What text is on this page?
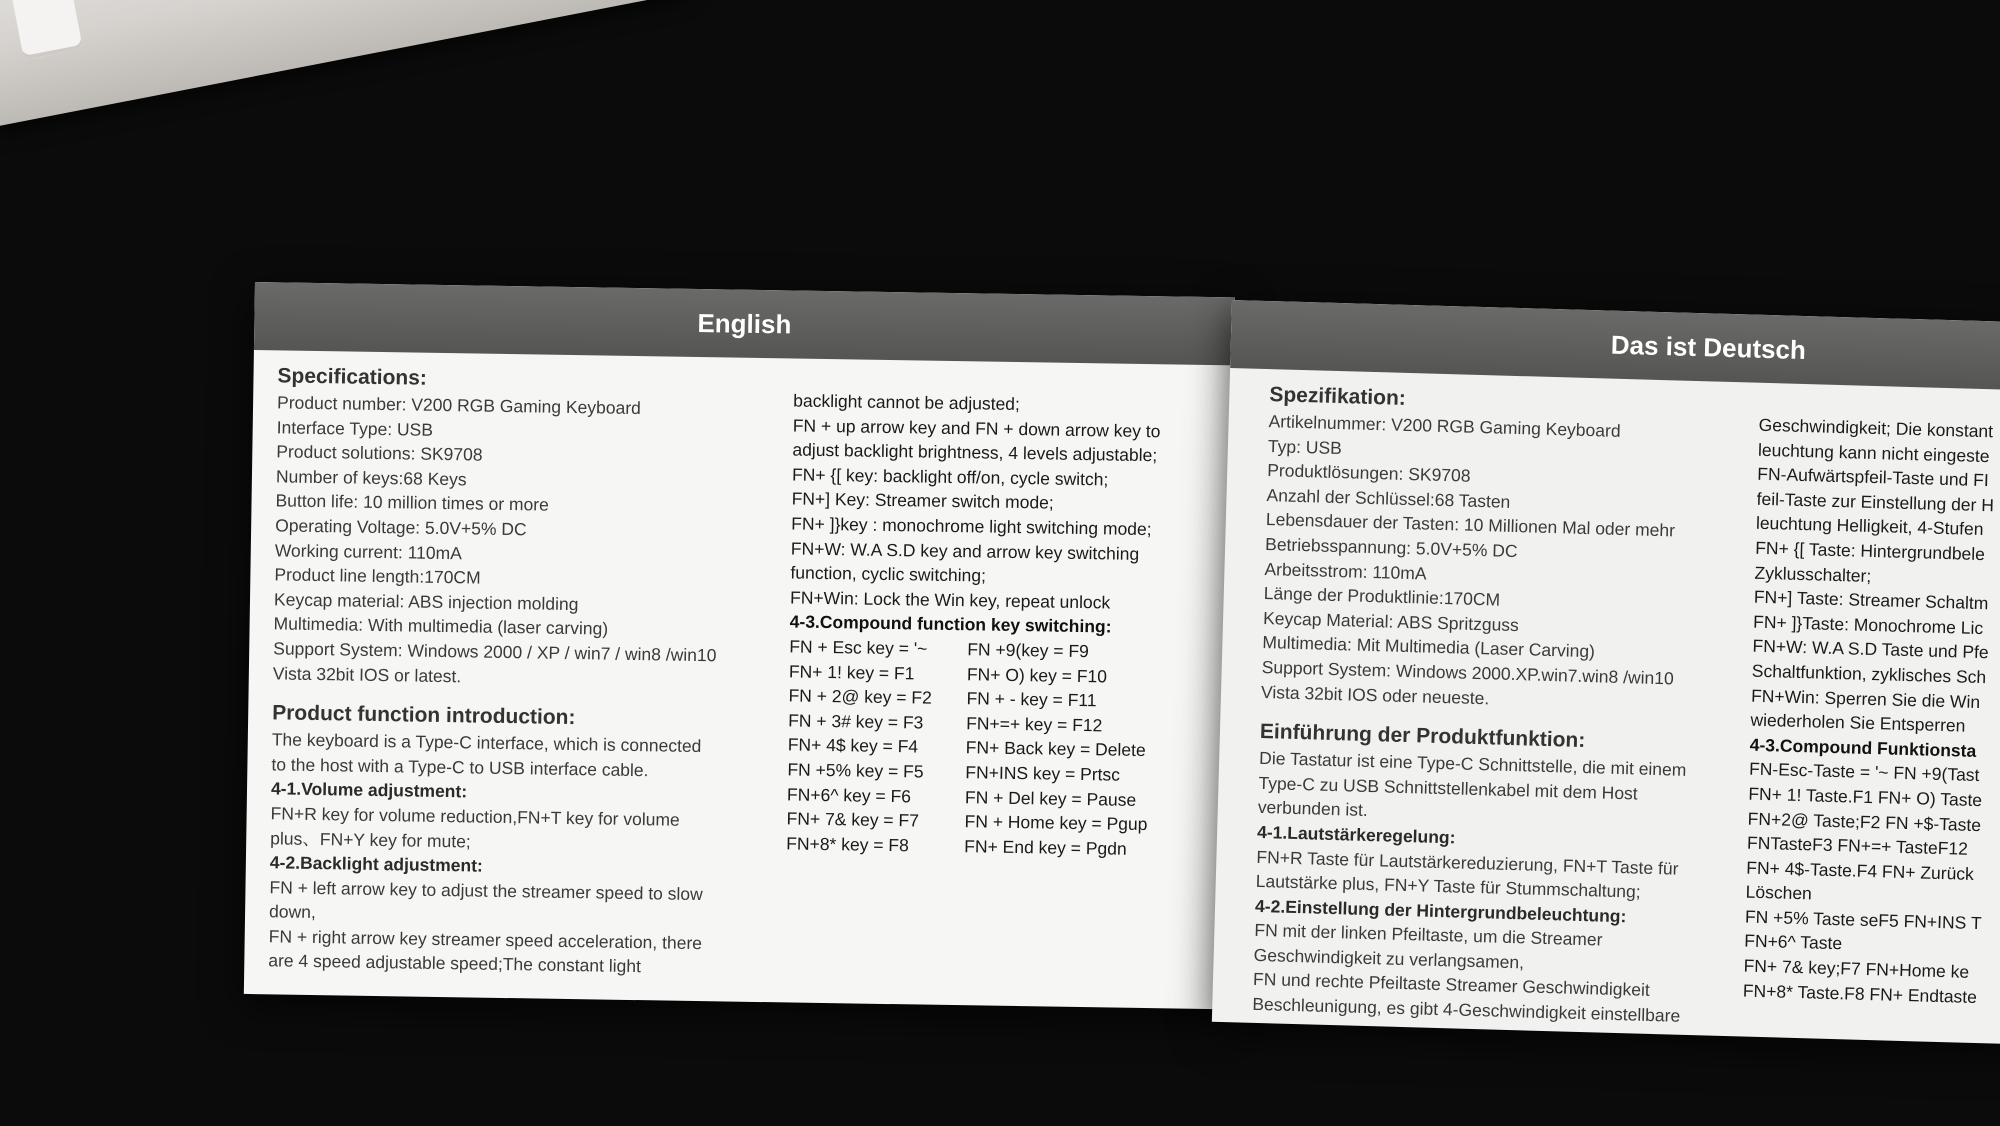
English

Specifications:

Product number: V200 RGB Gaming Keyboard

Interface Type: USB

Product solutions: SK9708

Number of keys:68 Keys

Button life: 10 million times or more

Operating Voltage: 5.0V+5% DC

Working current: 110mA

Product line length:170CM

Keycap material: ABS injection molding

Multimedia: With multimedia (laser carving)

Support System: Windows 2000 / XP / win7 / win8 /win10

Vista 32bit IOS or latest.

Product function introduction:

The keyboard is a Type-C interface, which is connected

to the host with a Type-C to USB interface cable.

4-1.Volume adjustment:

FN+R key for volume reduction,FN+T key for volume

plus、FN+Y key for mute;

4-2.Backlight adjustment:

FN + left arrow key to adjust the streamer speed to slow

down,

FN + right arrow key streamer speed acceleration, there

are 4 speed adjustable speed;The constant light

backlight cannot be adjusted;

FN + up arrow key and FN + down arrow key to

adjust backlight brightness, 4 levels adjustable;

FN+ {[ key: backlight off/on, cycle switch;

FN+] Key: Streamer switch mode;

FN+ ]}key : monochrome light switching mode;

FN+W: W.A S.D key and arrow key switching

function, cyclic switching;

FN+Win: Lock the Win key, repeat unlock

4-3.Compound function key switching:

FN + Esc key = '~	FN +9(key = F9
FN+ 1! key = F1	FN+ O) key = F10
FN + 2@ key = F2	FN + - key = F11
FN + 3# key = F3	FN+=+ key = F12
FN+ 4$ key = F4	FN+ Back key = Delete
FN +5% key = F5	FN+INS key = Prtsc
FN+6^ key = F6	FN + Del key = Pause
FN+ 7& key = F7	FN + Home key = Pgup
FN+8* key = F8	FN+ End key = Pgdn
Das ist Deutsch

Spezifikation:

Artikelnummer: V200 RGB Gaming Keyboard

Typ: USB

Produktlösungen: SK9708

Anzahl der Schlüssel:68 Tasten

Lebensdauer der Tasten: 10 Millionen Mal oder mehr

Betriebsspannung: 5.0V+5% DC

Arbeitsstrom: 110mA

Länge der Produktlinie:170CM

Keycap Material: ABS Spritzguss

Multimedia: Mit Multimedia (Laser Carving)

Support System: Windows 2000.XP.win7.win8 /win10

Vista 32bit IOS oder neueste.

Einführung der Produktfunktion:

Die Tastatur ist eine Type-C Schnittstelle, die mit einem

Type-C zu USB Schnittstellenkabel mit dem Host

verbunden ist.

4-1.Lautstärkeregelung:

FN+R Taste für Lautstärkereduzierung, FN+T Taste für

Lautstärke plus, FN+Y Taste für Stummschaltung;

4-2.Einstellung der Hintergrundbeleuchtung:

FN mit der linken Pfeiltaste, um die Streamer

Geschwindigkeit zu verlangsamen,

FN und rechte Pfeiltaste Streamer Geschwindigkeit

Beschleunigung, es gibt 4-Geschwindigkeit einstellbare

Geschwindigkeit; Die konstant

leuchtung kann nicht eingeste

FN-Aufwärtspfeil-Taste und FI

feil-Taste zur Einstellung der H

leuchtung Helligkeit, 4-Stufen

FN+ {[ Taste: Hintergrundbele

Zyklusschalter;

FN+] Taste: Streamer Schaltm

FN+ ]}Taste: Monochrome Lic

FN+W: W.A S.D Taste und Pfe

Schaltfunktion, zyklisches Sch

FN+Win: Sperren Sie die Win

wiederholen Sie Entsperren

4-3.Compound Funktionsta

FN-Esc-Taste = '~ FN +9(Tast

FN+ 1! Taste.F1 FN+ O) Taste

FN+2@ Taste;F2 FN +$-Taste

FNTasteF3 FN+=+ TasteF12

FN+ 4$-Taste.F4 FN+ Zurück

Löschen

FN +5% Taste seF5 FN+INS T

FN+6^ Taste

FN+ 7& key;F7 FN+Home ke

FN+8* Taste.F8 FN+ Endtaste
